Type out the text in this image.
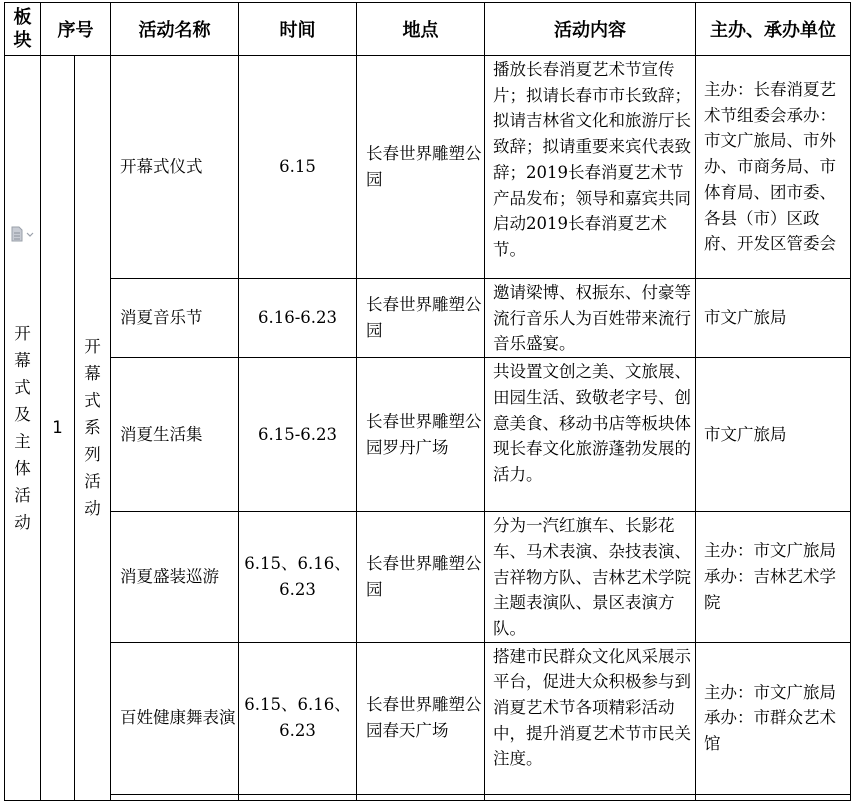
板块	序号		活动名称	时间	地点	活动内容	主办、承办单位

开幕式及主体活动	1	开幕式系列活动	开幕式仪式	6.15	长春世界雕塑公园	播放长春消夏艺术节宣传片；拟请长春市市长致辞；拟请吉林省文化和旅游厅长致辞；拟请重要来宾代表致辞；2019长春消夏艺术节产品发布；领导和嘉宾共同启动2019长春消夏艺术节。	主办：长春消夏艺术节组委会承办：市文广旅局、市外办、市商务局、市体育局、团市委、各县（市）区政府、开发区管委会
			消夏音乐节	6.16-6.23	长春世界雕塑公园	邀请梁博、权振东、付豪等流行音乐人为百姓带来流行音乐盛宴。	市文广旅局
			消夏生活集	6.15-6.23	长春世界雕塑公园罗丹广场	共设置文创之美、文旅展、田园生活、致敬老字号、创意美食、移动书店等板块体现长春文化旅游蓬勃发展的活力。	市文广旅局
			消夏盛装巡游	6.15、6.16、6.23	长春世界雕塑公园	分为一汽红旗车、长影花车、马术表演、杂技表演、吉祥物方队、吉林艺术学院主题表演队、景区表演方队。	主办：市文广旅局承办：吉林艺术学院
			百姓健康舞表演	6.15、6.16、6.23	长春世界雕塑公园春天广场	搭建市民群众文化风采展示平台，促进大众积极参与到消夏艺术节各项精彩活动中，提升消夏艺术节市民关注度。	主办：市文广旅局承办：市群众艺术馆
